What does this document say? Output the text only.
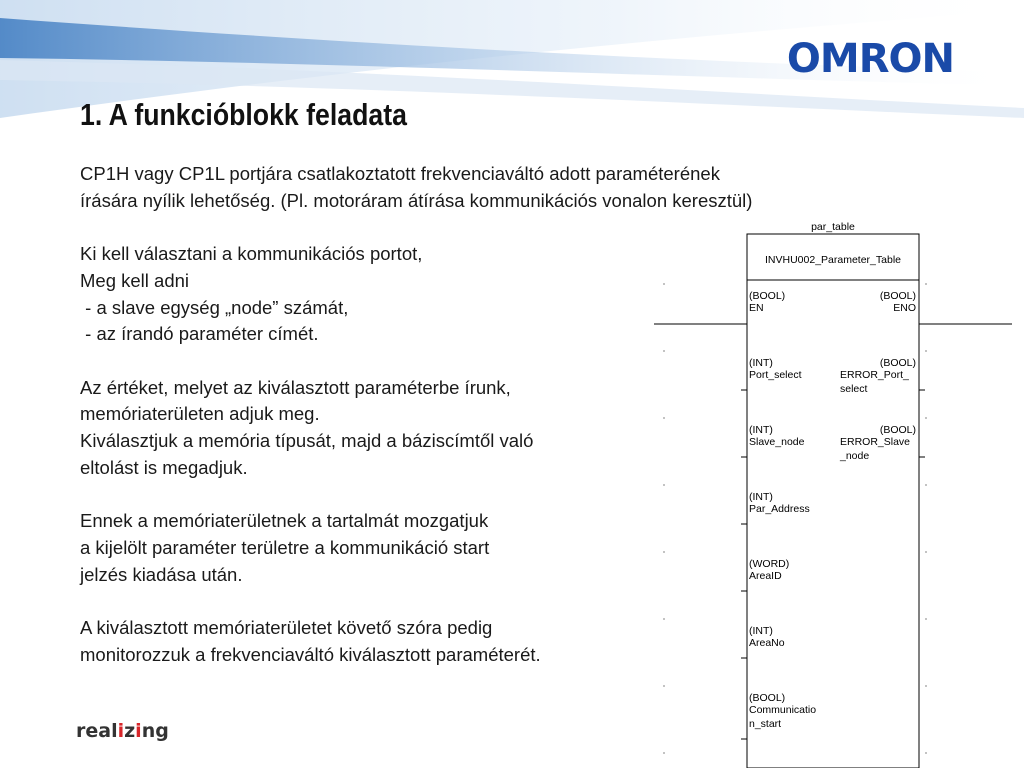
OMRON
1. A funkcióblokk feladata
CP1H vagy CP1L portjára csatlakoztatott frekvenciaváltó adott paraméterének
írására nyílik lehetőség. (Pl. motoráram átírása kommunikációs vonalon keresztül)
Ki kell választani a kommunikációs portot,
Meg kell adni
- a slave egység „node” számát,
- az írandó paraméter címét.
Az értéket, melyet az kiválasztott paraméterbe írunk,
memóriaterületen adjuk meg.
Kiválasztjuk a memória típusát, majd a báziscímtől való
eltolást is megadjuk.
Ennek a memóriaterületnek a tartalmát mozgatjuk
a kijelölt paraméter területre a kommunikáció start
jelzés kiadása után.
A kiválasztott memóriaterületet követő szóra pedig
monitorozzuk a frekvenciaváltó kiválasztott paraméterét.
par_table
INVHU002_Parameter_Table
(BOOL)
EN
(INT)
Port_select
(INT)
Slave_node
(INT)
Par_Address
(WORD)
AreaID
(INT)
AreaNo
(BOOL)
Communicatio
n_start
(BOOL)
ENO
(BOOL)
ERROR_Port_
select
(BOOL)
ERROR_Slave
_node
realizing
